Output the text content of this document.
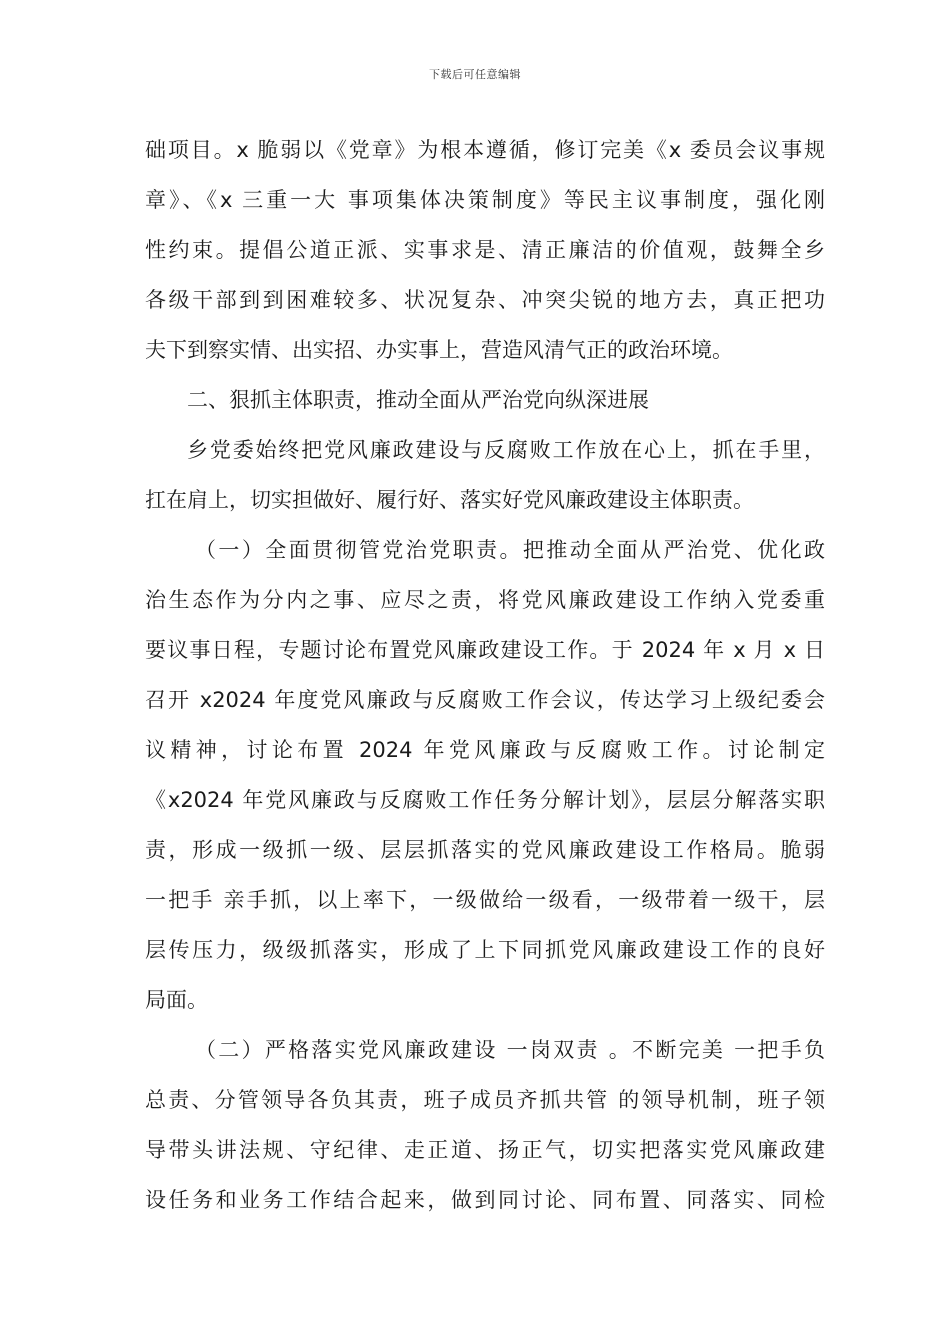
下载后可任意编辑
础项目。x 脆弱以《党章》为根本遵循，修订完美《x 委员会议事规
章》、《x 三重一大 事项集体决策制度》等民主议事制度，强化刚
性约束。提倡公道正派、实事求是、清正廉洁的价值观，鼓舞全乡
各级干部到到困难较多、状况复杂、冲突尖锐的地方去，真正把功
夫下到察实情、出实招、办实事上，营造风清气正的政治环境。
二、狠抓主体职责，推动全面从严治党向纵深进展
乡党委始终把党风廉政建设与反腐败工作放在心上，抓在手里，
扛在肩上，切实担做好、履行好、落实好党风廉政建设主体职责。
（一）全面贯彻管党治党职责。把推动全面从严治党、优化政
治生态作为分内之事、应尽之责，将党风廉政建设工作纳入党委重
要议事日程，专题讨论布置党风廉政建设工作。于 2024 年 x 月 x 日
召开 x2024 年度党风廉政与反腐败工作会议，传达学习上级纪委会
议精神，讨论布置 2024 年党风廉政与反腐败工作。讨论制定
《x2024 年党风廉政与反腐败工作任务分解计划》，层层分解落实职
责，形成一级抓一级、层层抓落实的党风廉政建设工作格局。脆弱
一把手 亲手抓，以上率下，一级做给一级看，一级带着一级干，层
层传压力，级级抓落实，形成了上下同抓党风廉政建设工作的良好
局面。
（二）严格落实党风廉政建设 一岗双责 。不断完美 一把手负
总责、分管领导各负其责，班子成员齐抓共管 的领导机制，班子领
导带头讲法规、守纪律、走正道、扬正气，切实把落实党风廉政建
设任务和业务工作结合起来，做到同讨论、同布置、同落实、同检
